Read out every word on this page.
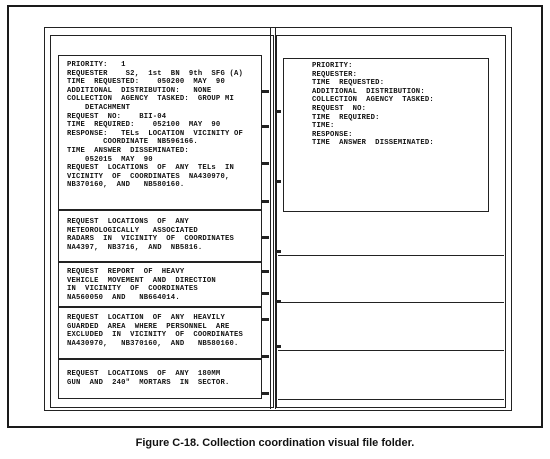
PRIORITY:   1
REQUESTER    S2,  1st  BN  9th  SFG (A)
TIME  REQUESTED:    050200  MAY  90
ADDITIONAL  DISTRIBUTION:   NONE
COLLECTION  AGENCY  TASKED:  GROUP MI
DETACHMENT
REQUEST  NO:    BII-04
TIME  REQUIRED:    052100  MAY  90
RESPONSE:   TELs  LOCATION  VICINITY OF
COORDINATE  NB596166.
TIME  ANSWER  DISSEMINATED:
052015  MAY  90
REQUEST  LOCATIONS  OF  ANY  TELs  IN
VICINITY  OF  COORDINATES  NA430970,
NB370160,  AND   NB580160.
REQUEST  LOCATIONS  OF  ANY
METEOROLOGICALLY   ASSOCIATED
RADARS  IN  VICINITY  OF  COORDINATES
NA4397,  NB3716,  AND  NB5816.
REQUEST  REPORT  OF  HEAVY
VEHICLE  MOVEMENT  AND  DIRECTION
IN  VICINITY  OF  COORDINATES
NA560050  AND   NB664014.
REQUEST  LOCATION  OF  ANY  HEAVILY
GUARDED  AREA  WHERE  PERSONNEL  ARE
EXCLUDED  IN  VICINITY  OF  COORDINATES
NA430970,   NB370160,  AND   NB580160.
REQUEST  LOCATIONS  OF  ANY  180MM
GUN  AND  240"  MORTARS  IN  SECTOR.
PRIORITY:
REQUESTER:
TIME  REQUESTED:
ADDITIONAL  DISTRIBUTION:
COLLECTION  AGENCY  TASKED:
REQUEST  NO:
TIME  REQUIRED:
TIME:
RESPONSE:
TIME  ANSWER  DISSEMINATED:
Figure C-18. Collection coordination visual file folder.
